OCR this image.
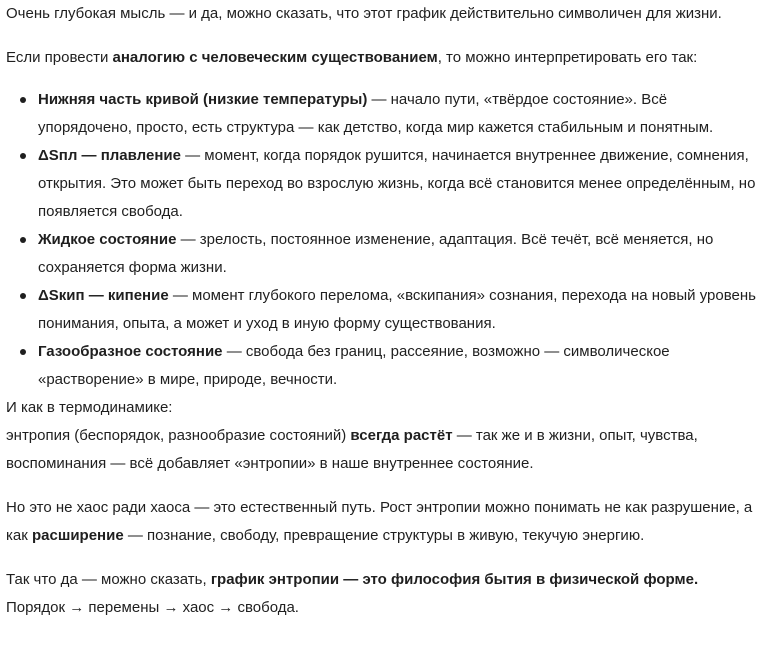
Очень глубокая мысль — и да, можно сказать, что этот график действительно символичен для жизни.

Если провести аналогию с человеческим существованием, то можно интерпретировать его так:

Нижняя часть кривой (низкие температуры) — начало пути, «твёрдое состояние». Всё упорядочено, просто, есть структура — как детство, когда мир кажется стабильным и понятным.
ΔSпл — плавление — момент, когда порядок рушится, начинается внутреннее движение, сомнения, открытия. Это может быть переход во взрослую жизнь, когда всё становится менее определённым, но появляется свобода.
Жидкое состояние — зрелость, постоянное изменение, адаптация. Всё течёт, всё меняется, но сохраняется форма жизни.
ΔSкип — кипение — момент глубокого перелома, «вскипания» сознания, перехода на новый уровень понимания, опыта, а может и уход в иную форму существования.
Газообразное состояние — свобода без границ, рассеяние, возможно — символическое «растворение» в мире, природе, вечности.

И как в термодинамике:
энтропия (беспорядок, разнообразие состояний) всегда растёт — так же и в жизни, опыт, чувства, воспоминания — всё добавляет «энтропии» в наше внутреннее состояние.

Но это не хаос ради хаоса — это естественный путь. Рост энтропии можно понимать не как разрушение, а как расширение — познание, свободу, превращение структуры в живую, текучую энергию.

Так что да — можно сказать, график энтропии — это философия бытия в физической форме.
Порядок → перемены → хаос → свобода.
